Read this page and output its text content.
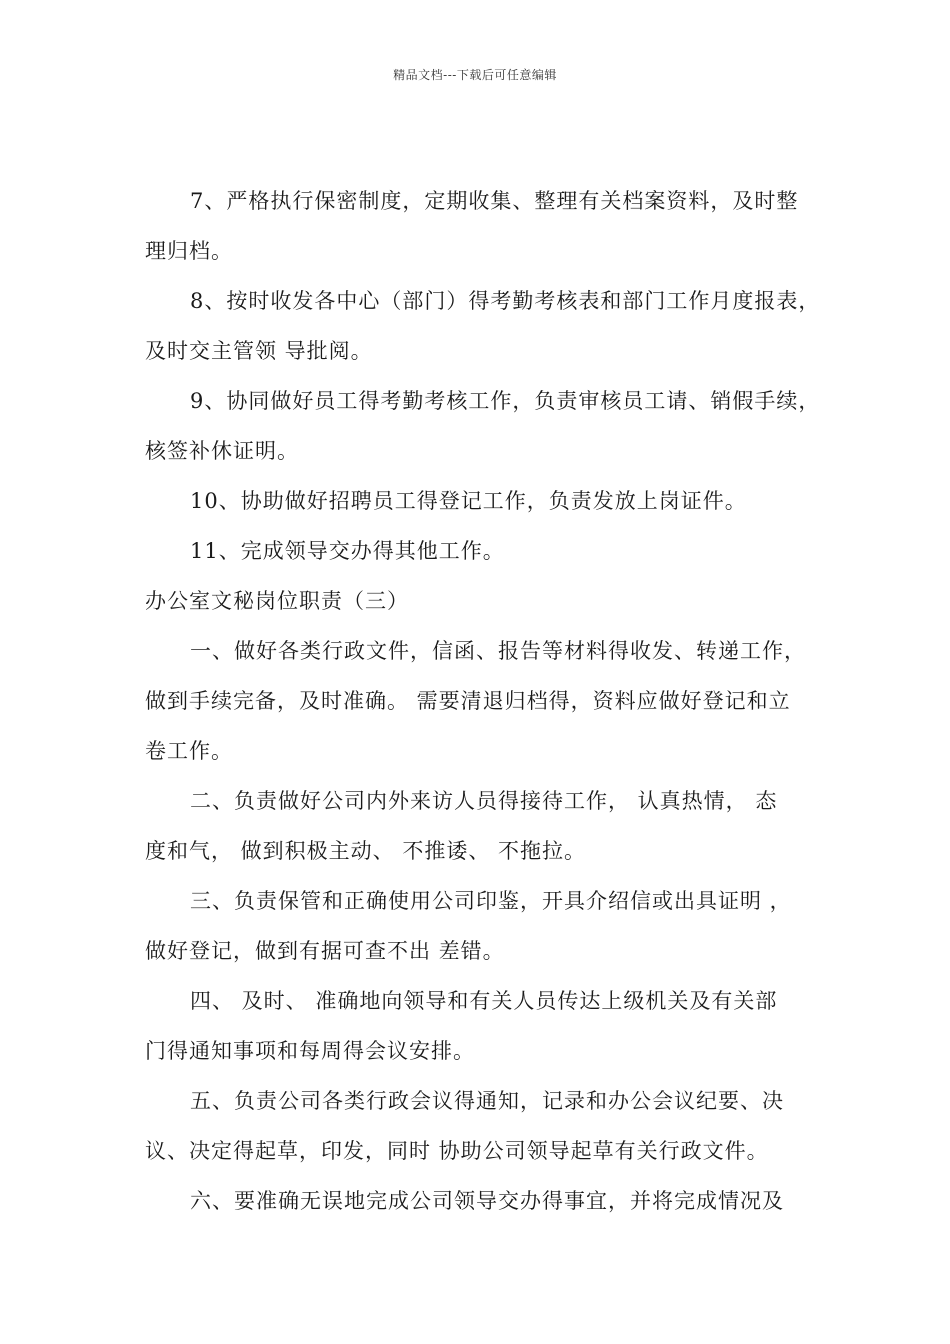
精品文档---下载后可任意编辑
7、严格执行保密制度，定期收集、整理有关档案资料，及时整
理归档。
8、按时收发各中心（部门）得考勤考核表和部门工作月度报表，
及时交主管领 导批阅。
9、协同做好员工得考勤考核工作，负责审核员工请、销假手续，
核签补休证明。
10、协助做好招聘员工得登记工作，负责发放上岗证件。
11、完成领导交办得其他工作。
办公室文秘岗位职责（三）
一、做好各类行政文件，信函、报告等材料得收发、转递工作，
做到手续完备，及时准确。 需要清退归档得，资料应做好登记和立
卷工作。
二、负责做好公司内外来访人员得接待工作， 认真热情， 态
度和气， 做到积极主动、 不推诿、 不拖拉。
三、负责保管和正确使用公司印鉴，开具介绍信或出具证明 ，
做好登记，做到有据可查不出 差错。
四、 及时、 准确地向领导和有关人员传达上级机关及有关部
门得通知事项和每周得会议安排。
五、负责公司各类行政会议得通知，记录和办公会议纪要、决
议、决定得起草，印发，同时 协助公司领导起草有关行政文件。
六、要准确无误地完成公司领导交办得事宜，并将完成情况及
